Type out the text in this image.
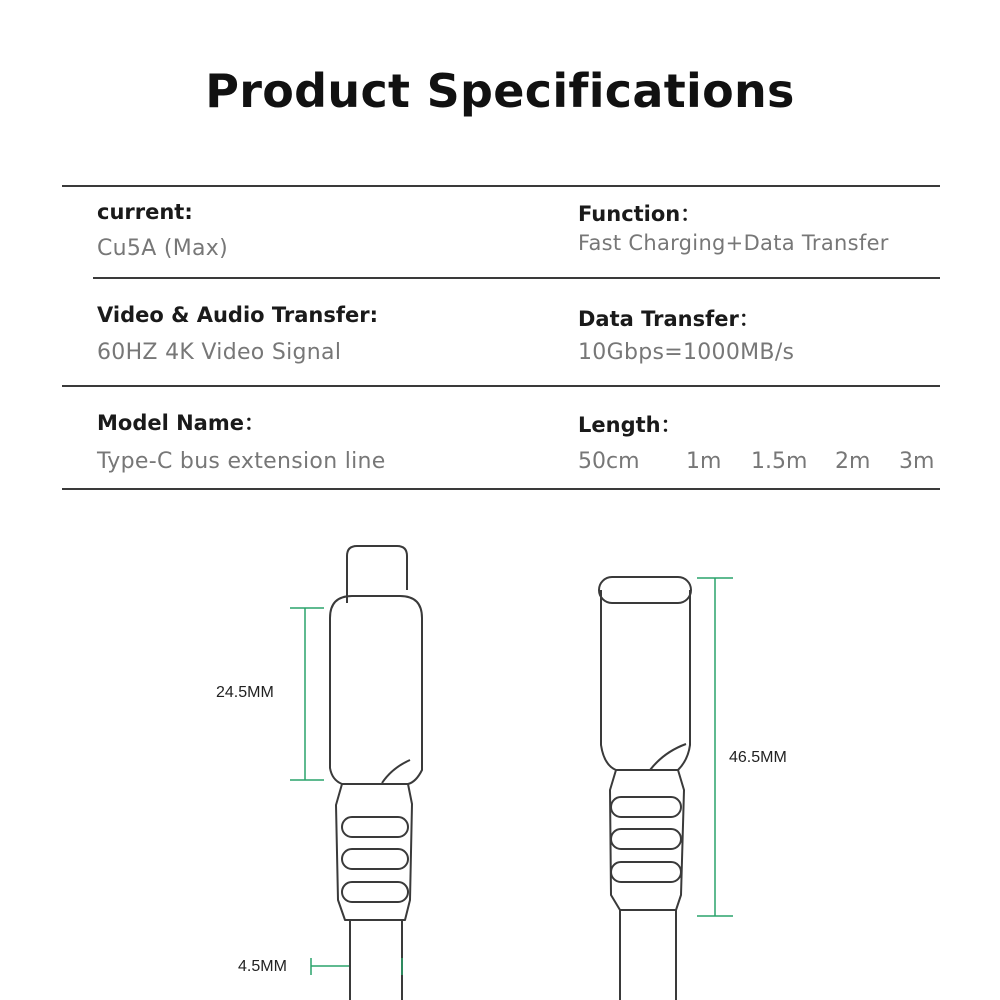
Product Specifications
current:
Cu5A (Max)
Function：
Fast Charging+Data Transfer
Video & Audio Transfer:
60HZ 4K Video Signal
Data Transfer：
10Gbps=1000MB/s
Model Name：
Type-C bus extension line
Length：
50cm 1m 1.5m 2m 3m
24.5MM
46.5MM
4.5MM
